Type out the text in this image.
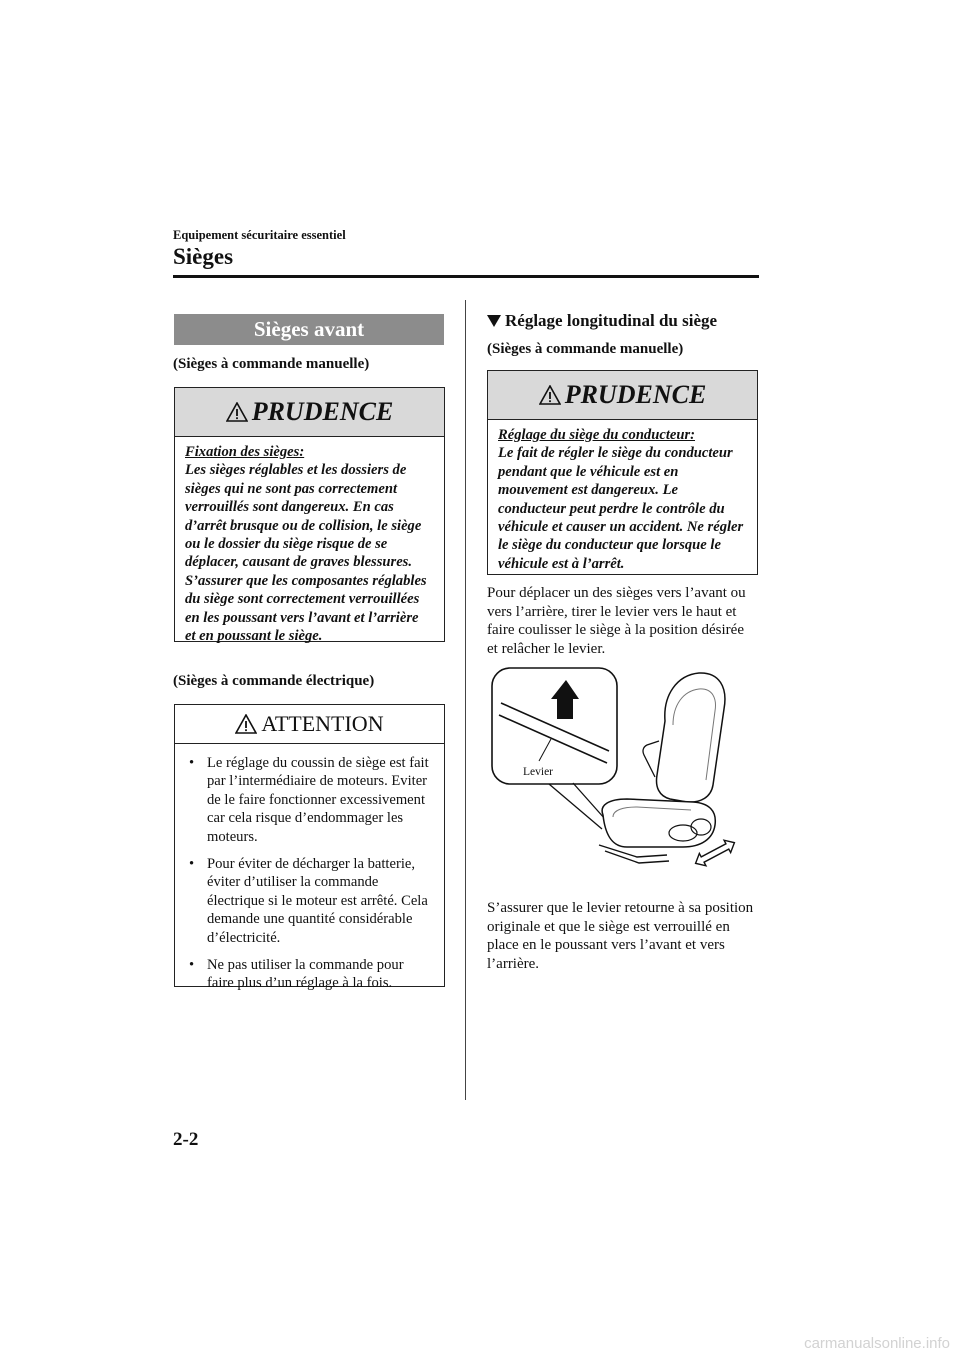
Equipement sécuritaire essentiel
Sièges
Sièges avant
(Sièges à commande manuelle)
PRUDENCE
Fixation des sièges:
Les sièges réglables et les dossiers de sièges qui ne sont pas correctement verrouillés sont dangereux. En cas d’arrêt brusque ou de collision, le siège ou le dossier du siège risque de se déplacer, causant de graves blessures. S’assurer que les composantes réglables du siège sont correctement verrouillées en les poussant vers l’avant et l’arrière et en poussant le siège.
(Sièges à commande électrique)
ATTENTION
• Le réglage du coussin de siège est fait par l’intermédiaire de moteurs. Eviter de le faire fonctionner excessivement car cela risque d’endommager les moteurs.
• Pour éviter de décharger la batterie, éviter d’utiliser la commande électrique si le moteur est arrêté. Cela demande une quantité considérable d’électricité.
• Ne pas utiliser la commande pour faire plus d’un réglage à la fois.
Réglage longitudinal du siège
(Sièges à commande manuelle)
PRUDENCE
Réglage du siège du conducteur:
Le fait de régler le siège du conducteur pendant que le véhicule est en mouvement est dangereux. Le conducteur peut perdre le contrôle du véhicule et causer un accident. Ne régler le siège du conducteur que lorsque le véhicule est à l’arrêt.
Pour déplacer un des sièges vers l’avant ou vers l’arrière, tirer le levier vers le haut et faire coulisser le siège à la position désirée et relâcher le levier.
Levier
S’assurer que le levier retourne à sa position originale et que le siège est verrouillé en place en le poussant vers l’avant et vers l’arrière.
2-2
carmanualsonline.info
